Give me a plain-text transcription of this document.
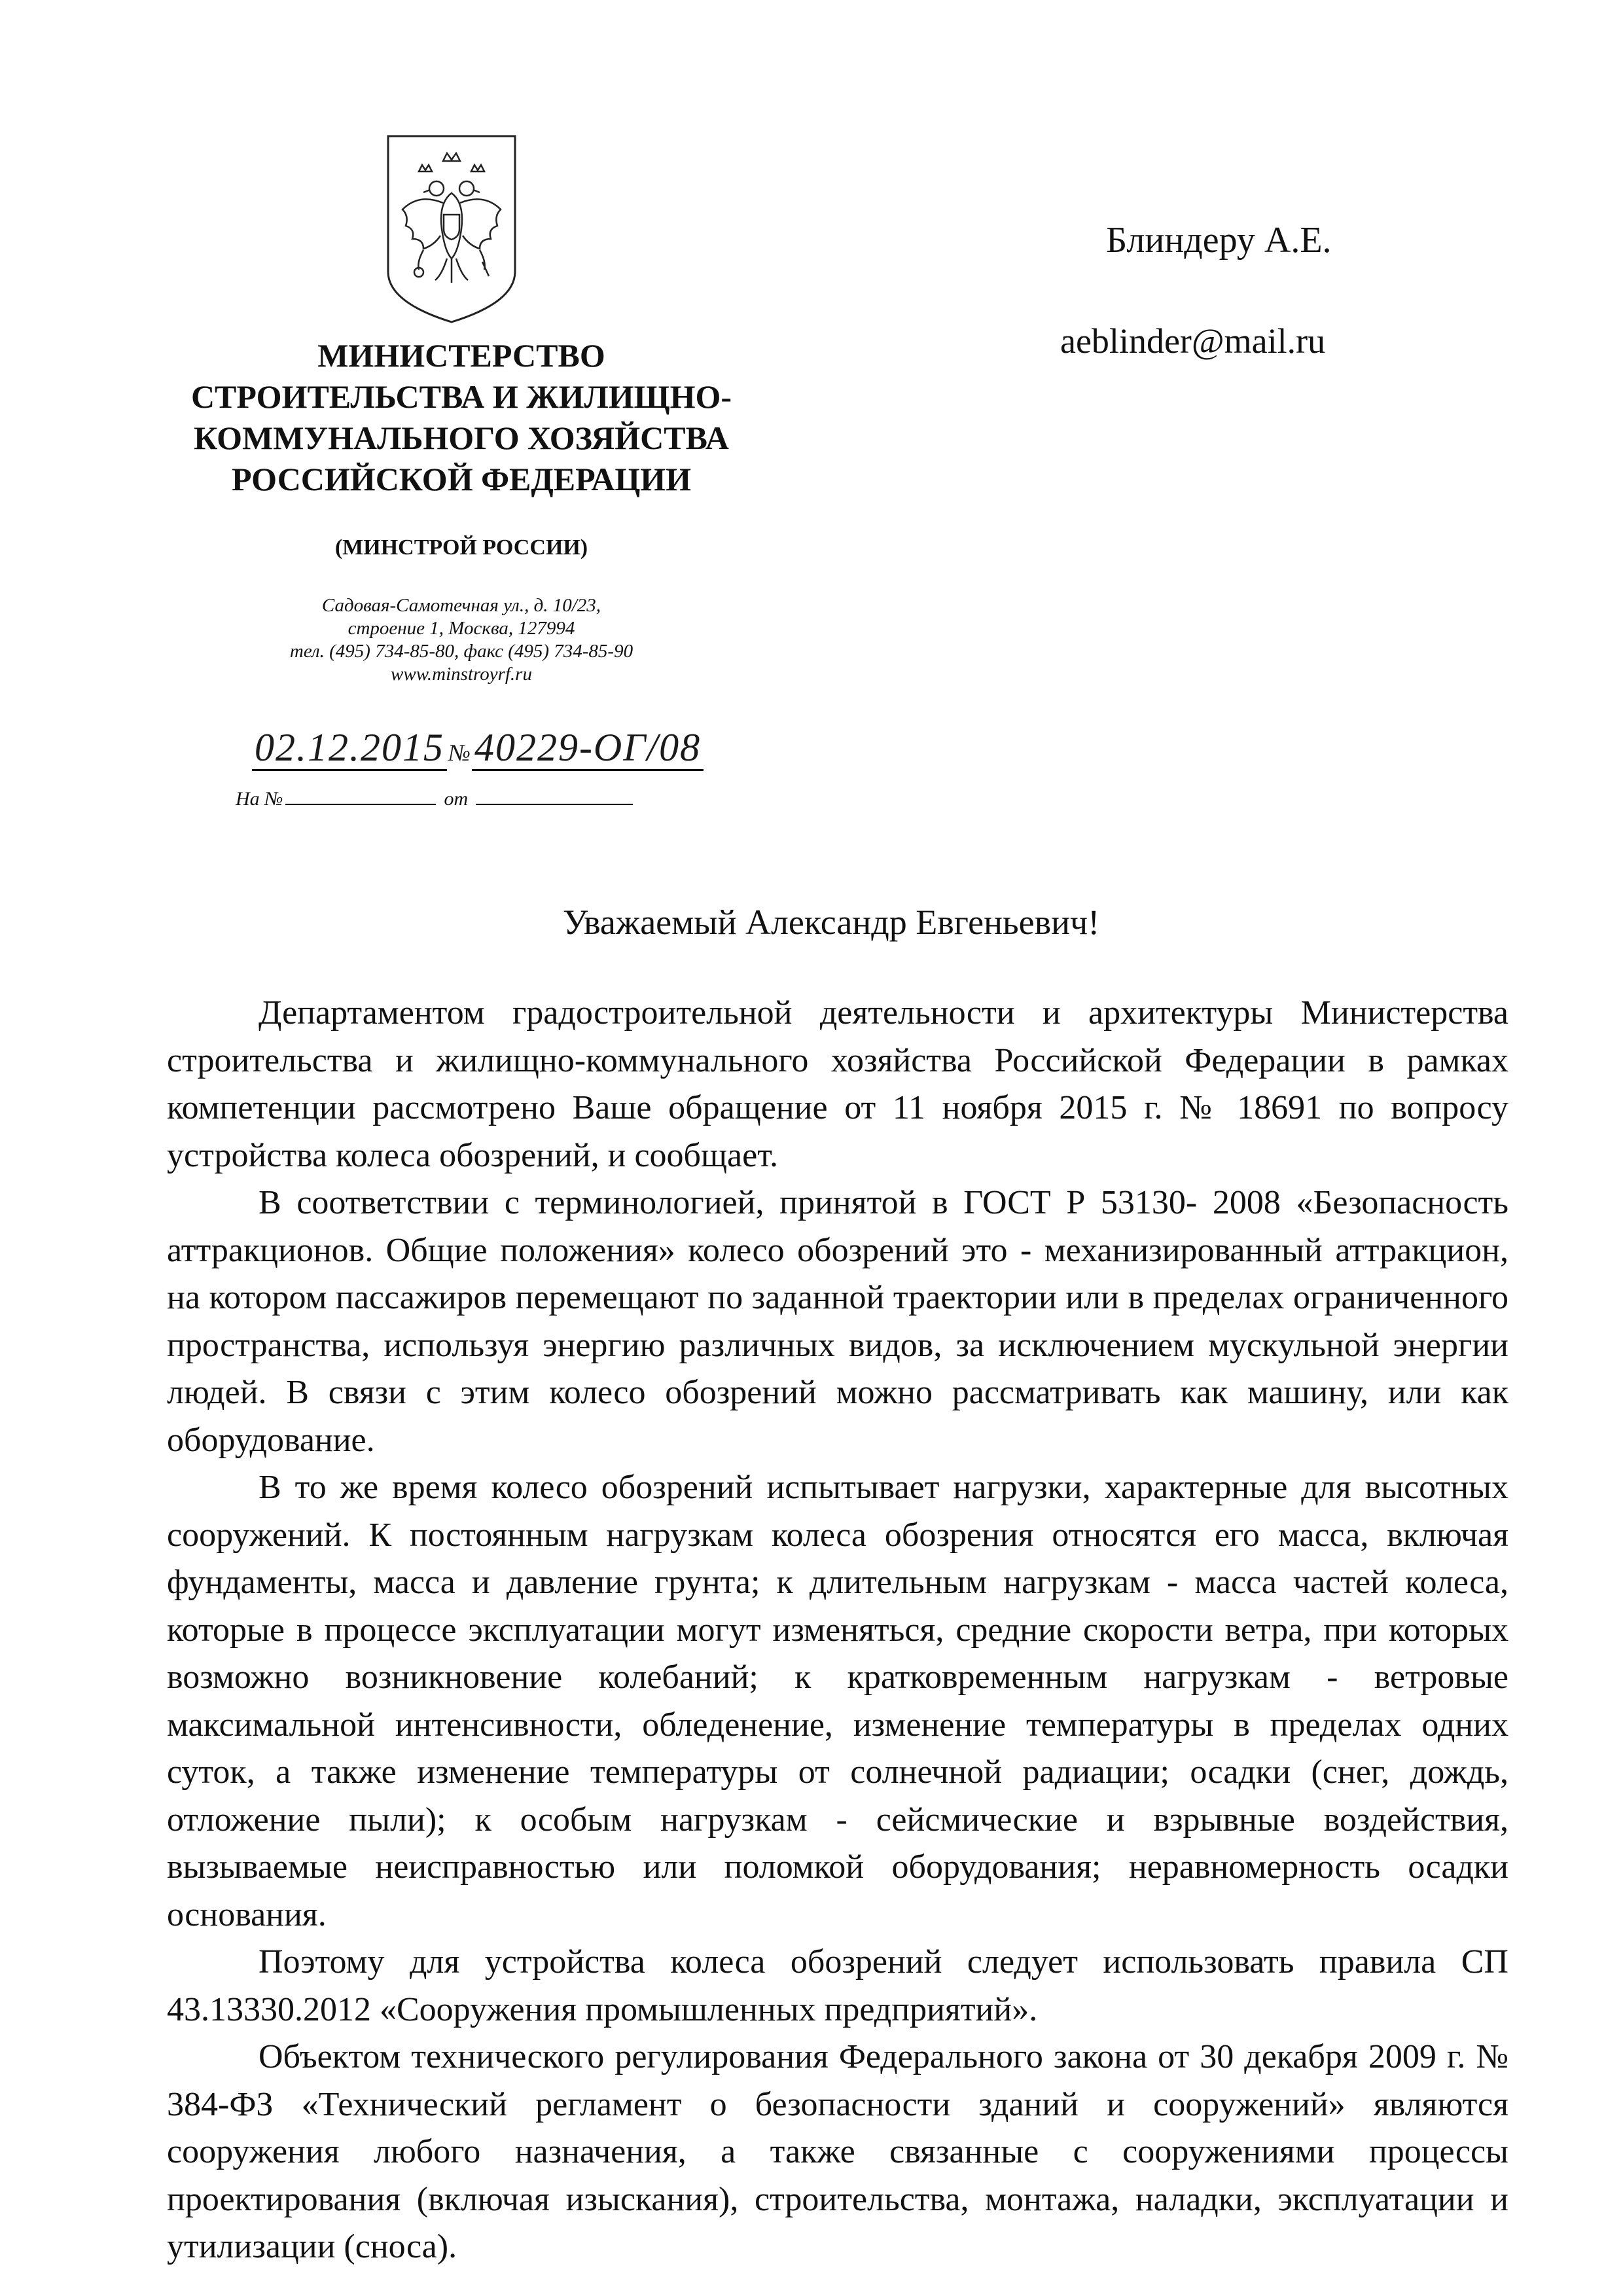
Блиндеру А.Е.
aeblinder@mail.ru
МИНИСТЕРСТВО
СТРОИТЕЛЬСТВА И ЖИЛИЩНО-
КОММУНАЛЬНОГО ХОЗЯЙСТВА
РОССИЙСКОЙ ФЕДЕРАЦИИ
(МИНСТРОЙ РОССИИ)
Садовая-Самотечная ул., д. 10/23,
строение 1, Москва, 127994
тел. (495) 734-85-80, факс (495) 734-85-90
www.minstroyrf.ru
02.12.2015 № 40229-ОГ/08
На №	от
Уважаемый Александр Евгеньевич!

Департаментом градостроительной деятельности и архитектуры Министерства строительства и жилищно-коммунального хозяйства Российской Федерации в рамках компетенции рассмотрено Ваше обращение от 11 ноября 2015 г. № 18691 по вопросу устройства колеса обозрений, и сообщает.

В соответствии с терминологией, принятой в ГОСТ Р 53130- 2008 «Безопасность аттракционов. Общие положения» колесо обозрений это - механизированный аттракцион, на котором пассажиров перемещают по заданной траектории или в пределах ограниченного пространства, используя энергию различных видов, за исключением мускульной энергии людей. В связи с этим колесо обозрений можно рассматривать как машину, или как оборудование.

В то же время колесо обозрений испытывает нагрузки, характерные для высотных сооружений. К постоянным нагрузкам колеса обозрения относятся его масса, включая фундаменты, масса и давление грунта; к длительным нагрузкам - масса частей колеса, которые в процессе эксплуатации могут изменяться, средние скорости ветра, при которых возможно возникновение колебаний; к кратковременным нагрузкам - ветровые максимальной интенсивности, обледенение, изменение температуры в пределах одних суток, а также изменение температуры от солнечной радиации; осадки (снег, дождь, отложение пыли); к особым нагрузкам - сейсмические и взрывные воздействия, вызываемые неисправностью или поломкой оборудования; неравномерность осадки основания.

Поэтому для устройства колеса обозрений следует использовать правила СП 43.13330.2012 «Сооружения промышленных предприятий».

Объектом технического регулирования Федерального закона от 30 декабря 2009 г. № 384-ФЗ «Технический регламент о безопасности зданий и сооружений» являются сооружения любого назначения, а также связанные с сооружениями процессы проектирования (включая изыскания), строительства, монтажа, наладки, эксплуатации и утилизации (сноса).
